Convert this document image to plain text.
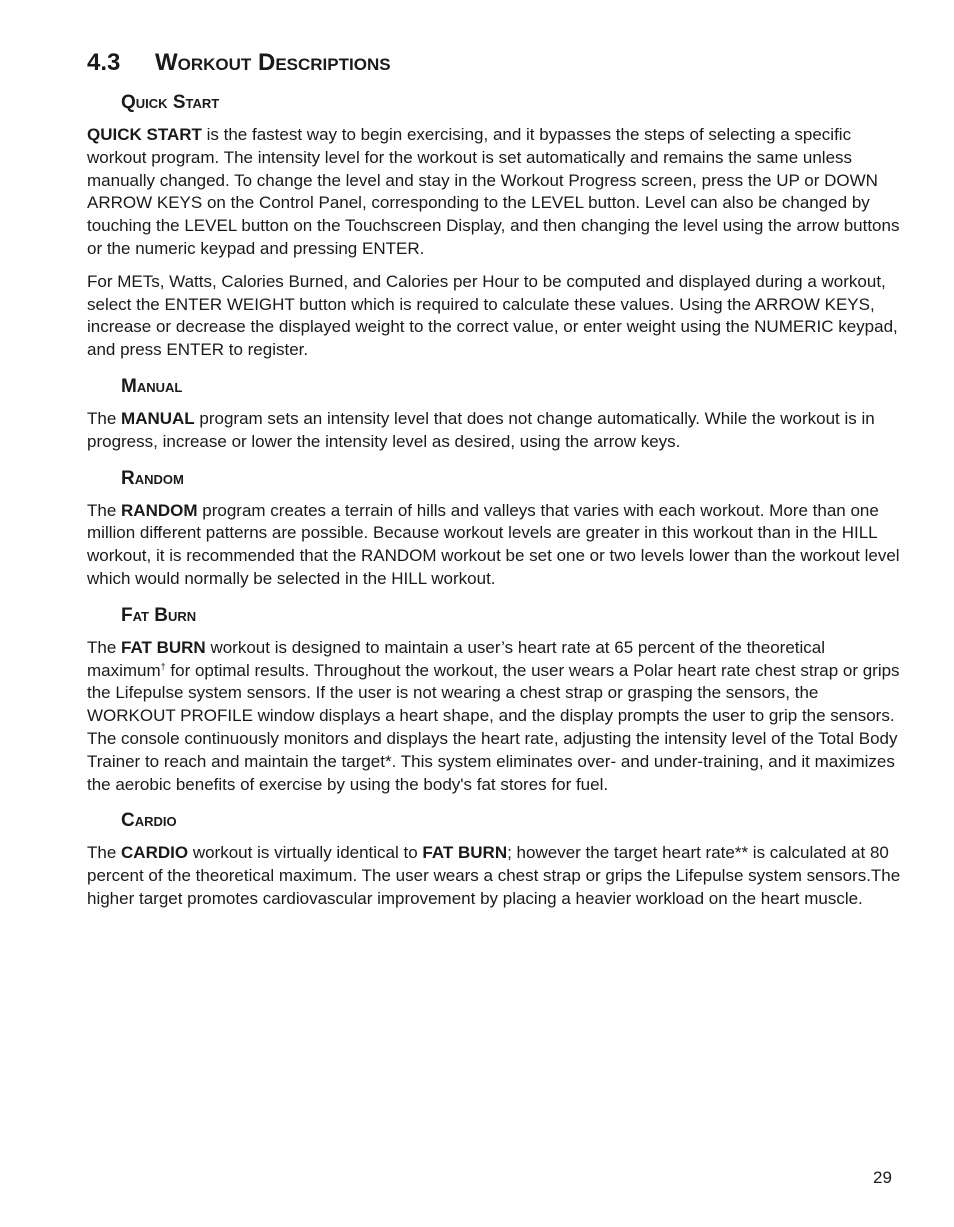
4.3 Workout Descriptions
Quick Start

QUICK START is the fastest way to begin exercising, and it bypasses the steps of selecting a specific workout program. The intensity level for the workout is set automatically and remains the same unless manually changed. To change the level and stay in the Workout Progress screen, press the UP or DOWN ARROW KEYS on the Control Panel, corresponding to the LEVEL button. Level can also be changed by touching the LEVEL button on the Touchscreen Display, and then changing the level using the arrow buttons or the numeric keypad and pressing ENTER.

For METs, Watts, Calories Burned, and Calories per Hour to be computed and displayed during a workout, select the ENTER WEIGHT button which is required to calculate these values. Using the ARROW KEYS, increase or decrease the displayed weight to the correct value, or enter weight using the NUMERIC keypad, and press ENTER to register.

Manual

The MANUAL program sets an intensity level that does not change automatically. While the workout is in progress, increase or lower the intensity level as desired, using the arrow keys.

Random

The RANDOM program creates a terrain of hills and valleys that varies with each workout. More than one million different patterns are possible. Because workout levels are greater in this workout than in the HILL workout, it is recommended that the RANDOM workout be set one or two levels lower than the workout level which would normally be selected in the HILL workout.

Fat Burn

The FAT BURN workout is designed to maintain a user’s heart rate at 65 percent of the theoretical maximum† for optimal results. Throughout the workout, the user wears a Polar heart rate chest strap or grips the Lifepulse system sensors. If the user is not wearing a chest strap or grasping the sensors, the WORKOUT PROFILE window displays a heart shape, and the display prompts the user to grip the sensors. The console continuously monitors and displays the heart rate, adjusting the intensity level of the Total Body Trainer to reach and maintain the target*. This system eliminates over- and under-training, and it maximizes the aerobic benefits of exercise by using the body's fat stores for fuel.

Cardio

The CARDIO workout is virtually identical to FAT BURN; however the target heart rate** is calculated at 80 percent of the theoretical maximum. The user wears a chest strap or grips the Lifepulse system sensors.The higher target promotes cardiovascular improvement by placing a heavier workload on the heart muscle.

29
